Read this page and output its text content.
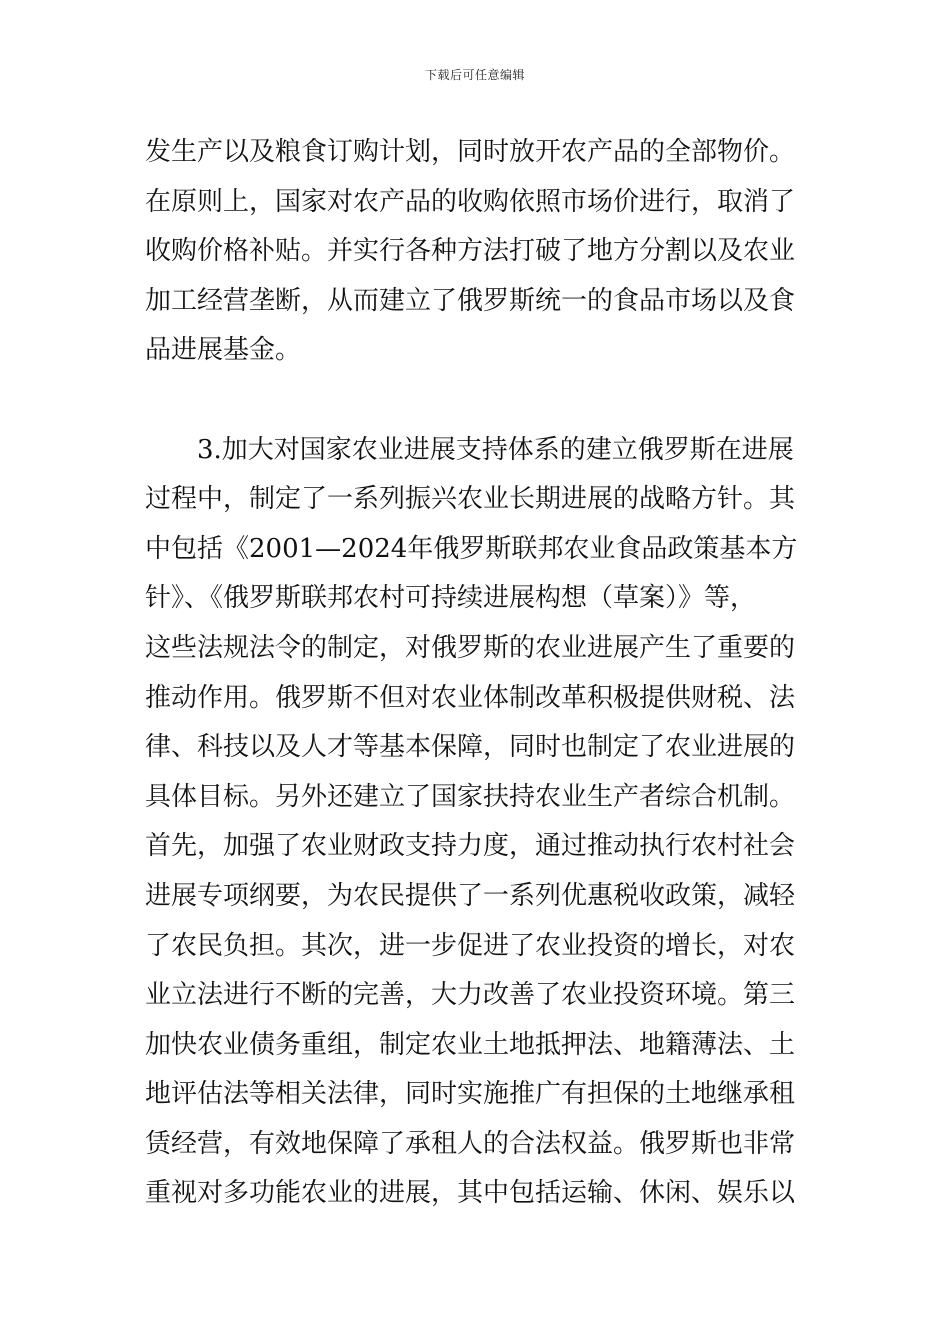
下载后可任意编辑
发生产以及粮食订购计划，同时放开农产品的全部物价。
在原则上，国家对农产品的收购依照市场价进行，取消了
收购价格补贴。并实行各种方法打破了地方分割以及农业
加工经营垄断，从而建立了俄罗斯统一的食品市场以及食
品进展基金。
　　3.加大对国家农业进展支持体系的建立俄罗斯在进展
过程中，制定了一系列振兴农业长期进展的战略方针。其
中包括《2001—2024年俄罗斯联邦农业食品政策基本方
针》、《俄罗斯联邦农村可持续进展构想（草案）》等，
这些法规法令的制定，对俄罗斯的农业进展产生了重要的
推动作用。俄罗斯不但对农业体制改革积极提供财税、法
律、科技以及人才等基本保障，同时也制定了农业进展的
具体目标。另外还建立了国家扶持农业生产者综合机制。
首先，加强了农业财政支持力度，通过推动执行农村社会
进展专项纲要，为农民提供了一系列优惠税收政策，减轻
了农民负担。其次，进一步促进了农业投资的增长，对农
业立法进行不断的完善，大力改善了农业投资环境。第三
加快农业债务重组，制定农业土地抵押法、地籍薄法、土
地评估法等相关法律，同时实施推广有担保的土地继承租
赁经营，有效地保障了承租人的合法权益。俄罗斯也非常
重视对多功能农业的进展，其中包括运输、休闲、娱乐以
